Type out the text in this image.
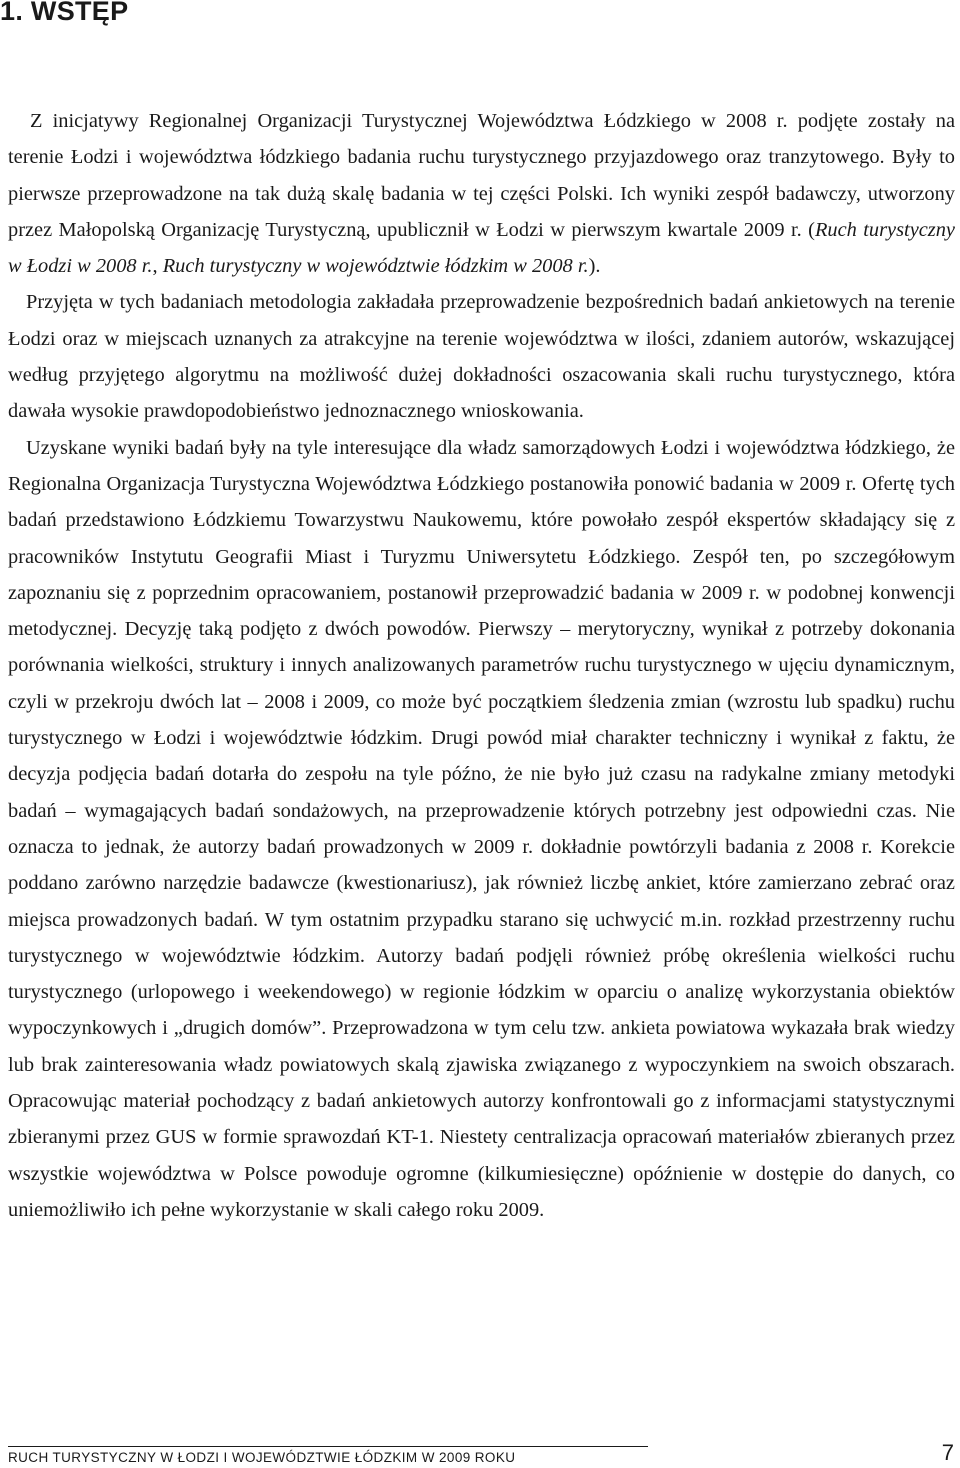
1. WSTĘP

Z inicjatywy Regionalnej Organizacji Turystycznej Województwa Łódzkiego w 2008 r. podjęte zostały na terenie Łodzi i województwa łódzkiego badania ruchu turystycznego przyjazdowego oraz tranzytowego. Były to pierwsze przeprowadzone na tak dużą skalę badania w tej części Polski. Ich wyniki zespół badawczy, utworzony przez Małopolską Organizację Turystyczną, upublicznił w Łodzi w pierwszym kwartale 2009 r. (Ruch turystyczny w Łodzi w 2008 r., Ruch turystyczny w województwie łódzkim w 2008 r.).

Przyjęta w tych badaniach metodologia zakładała przeprowadzenie bezpośrednich badań ankietowych na terenie Łodzi oraz w miejscach uznanych za atrakcyjne na terenie województwa w ilości, zdaniem autorów, wskazującej według przyjętego algorytmu na możliwość dużej dokładności oszacowania skali ruchu turystycznego, która dawała wysokie prawdopodobieństwo jednoznacznego wnioskowania.

Uzyskane wyniki badań były na tyle interesujące dla władz samorządowych Łodzi i województwa łódzkiego, że Regionalna Organizacja Turystyczna Województwa Łódzkiego postanowiła ponowić badania w 2009 r. Ofertę tych badań przedstawiono Łódzkiemu Towarzystwu Naukowemu, które powołało zespół ekspertów składający się z pracowników Instytutu Geografii Miast i Turyzmu Uniwersytetu Łódzkiego. Zespół ten, po szczegółowym zapoznaniu się z poprzednim opracowaniem, postanowił przeprowadzić badania w 2009 r. w podobnej konwencji metodycznej. Decyzję taką podjęto z dwóch powodów. Pierwszy – merytoryczny, wynikał z potrzeby dokonania porównania wielkości, struktury i innych analizowanych parametrów ruchu turystycznego w ujęciu dynamicznym, czyli w przekroju dwóch lat – 2008 i 2009, co może być początkiem śledzenia zmian (wzrostu lub spadku) ruchu turystycznego w Łodzi i województwie łódzkim. Drugi powód miał charakter techniczny i wynikał z faktu, że decyzja podjęcia badań dotarła do zespołu na tyle późno, że nie było już czasu na radykalne zmiany metodyki badań – wymagających badań sondażowych, na przeprowadzenie których potrzebny jest odpowiedni czas. Nie oznacza to jednak, że autorzy badań prowadzonych w 2009 r. dokładnie powtórzyli badania z 2008 r. Korekcie poddano zarówno narzędzie badawcze (kwestionariusz), jak również liczbę ankiet, które zamierzano zebrać oraz miejsca prowadzonych badań. W tym ostatnim przypadku starano się uchwycić m.in. rozkład przestrzenny ruchu turystycznego w województwie łódzkim. Autorzy badań podjęli również próbę określenia wielkości ruchu turystycznego (urlopowego i weekendowego) w regionie łódzkim w oparciu o analizę wykorzystania obiektów wypoczynkowych i „drugich domów”. Przeprowadzona w tym celu tzw. ankieta powiatowa wykazała brak wiedzy lub brak zainteresowania władz powiatowych skalą zjawiska związanego z wypoczynkiem na swoich obszarach. Opracowując materiał pochodzący z badań ankietowych autorzy konfrontowali go z informacjami statystycznymi zbieranymi przez GUS w formie sprawozdań KT-1. Niestety centralizacja opracowań materiałów zbieranych przez wszystkie województwa w Polsce powoduje ogromne (kilkumiesięczne) opóźnienie w dostępie do danych, co uniemożliwiło ich pełne wykorzystanie w skali całego roku 2009.

RUCH TURYSTYCZNY W ŁODZI I WOJEWÓDZTWIE ŁÓDZKIM W 2009 ROKU	7
